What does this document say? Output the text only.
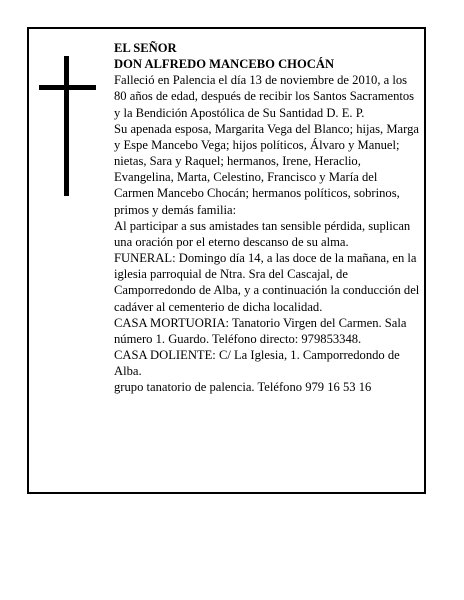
EL SEÑOR

DON ALFREDO MANCEBO CHOCÁN

Falleció en Palencia el día 13 de noviembre de 2010, a los 80 años de edad, después de recibir los Santos Sacramentos y la Bendición Apostólica de Su Santidad D. E. P.

Su apenada esposa, Margarita Vega del Blanco; hijas, Marga y Espe Mancebo Vega; hijos políticos, Álvaro y Manuel; nietas, Sara y Raquel; hermanos, Irene, Heraclio, Evangelina, Marta, Celestino, Francisco y María del Carmen Mancebo Chocán; hermanos políticos, sobrinos, primos y demás familia:

Al participar a sus amistades tan sensible pérdida, suplican una oración por el eterno descanso de su alma.

FUNERAL: Domingo día 14, a las doce de la mañana, en la iglesia parroquial de Ntra. Sra del Cascajal, de Camporredondo de Alba, y a continuación la conducción del cadáver al cementerio de dicha localidad.

CASA MORTUORIA: Tanatorio Virgen del Carmen. Sala número 1. Guardo. Teléfono directo: 979853348.

CASA DOLIENTE: C/ La Iglesia, 1. Camporredondo de Alba.

grupo tanatorio de palencia. Teléfono 979 16 53 16
